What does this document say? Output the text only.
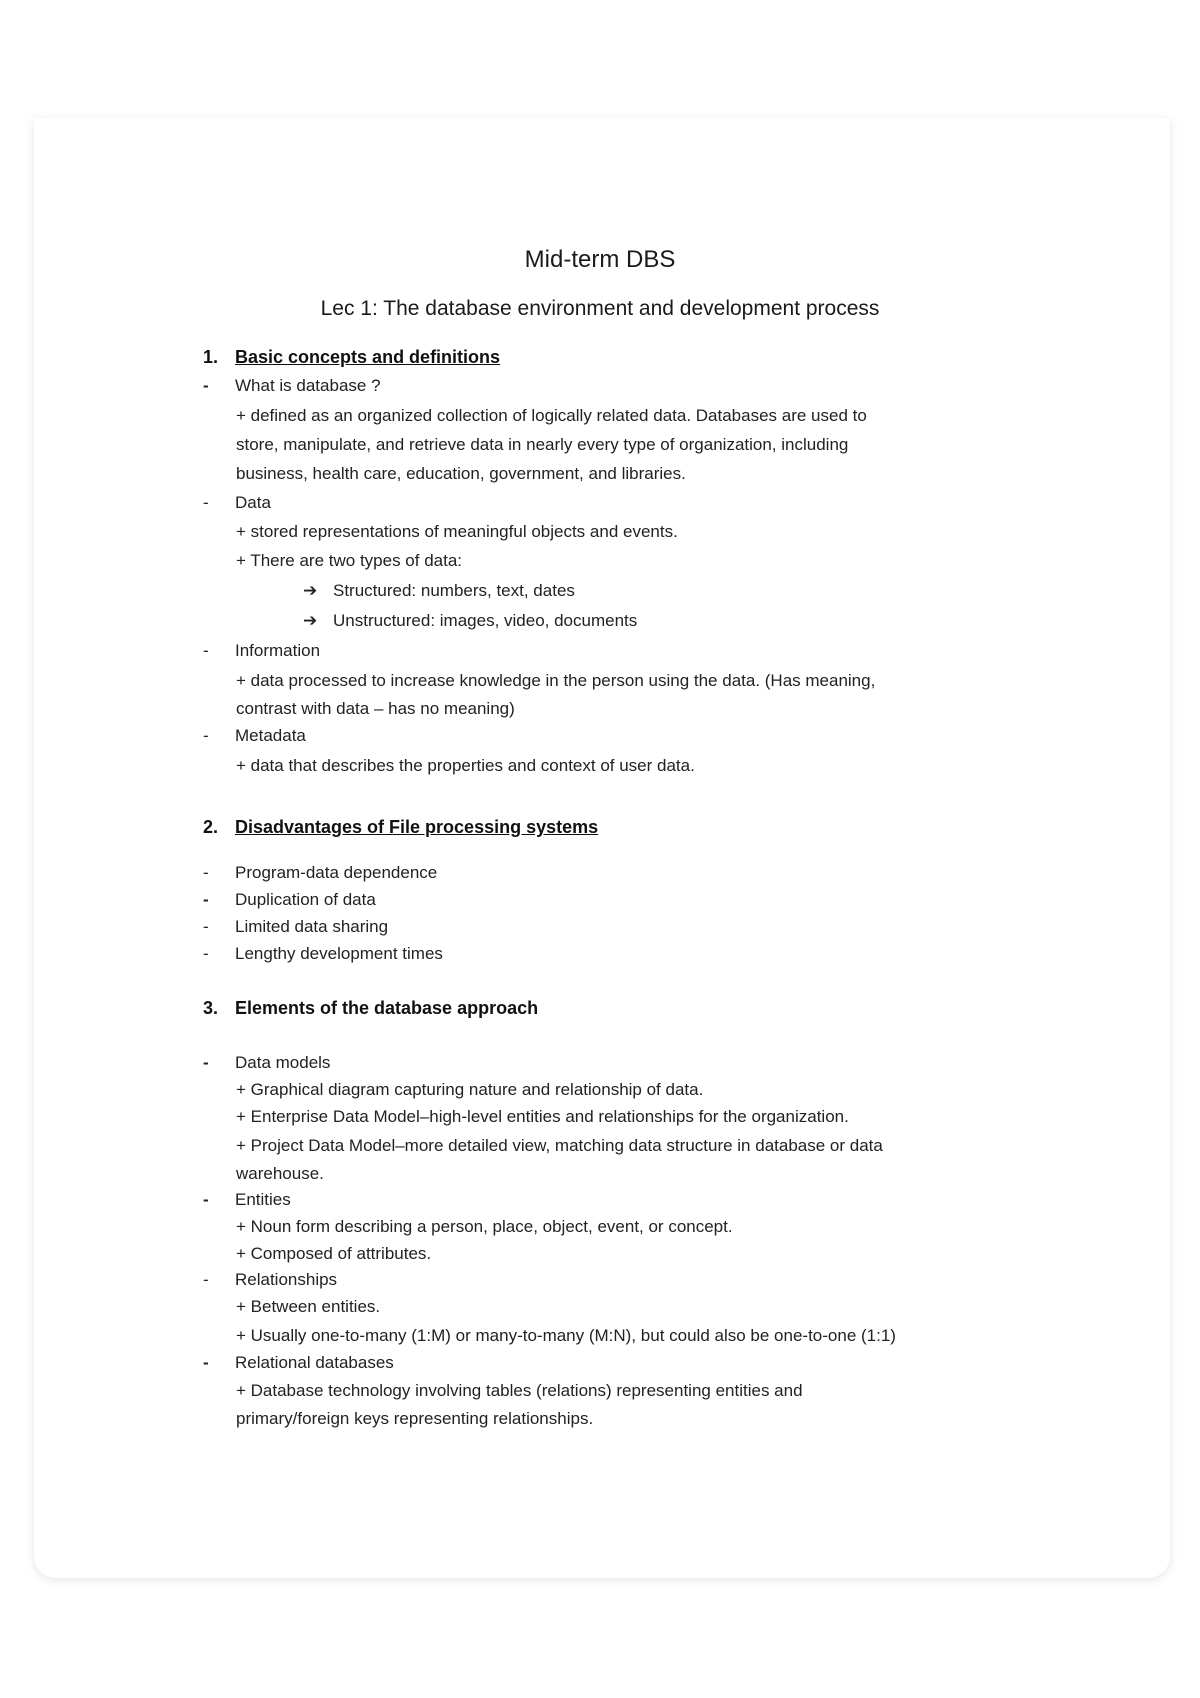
Mid-term DBS
Lec 1: The database environment and development process
1. Basic concepts and definitions
- What is database ?
+ defined as an organized collection of logically related data. Databases are used to
store, manipulate, and retrieve data in nearly every type of organization, including
business, health care, education, government, and libraries.
- Data
+ stored representations of meaningful objects and events.
+ There are two types of data:
➔ Structured: numbers, text, dates
➔ Unstructured: images, video, documents
- Information
+ data processed to increase knowledge in the person using the data. (Has meaning,
contrast with data – has no meaning)
- Metadata
+ data that describes the properties and context of user data.
2. Disadvantages of File processing systems
- Program-data dependence
- Duplication of data
- Limited data sharing
- Lengthy development times
3. Elements of the database approach
- Data models
+ Graphical diagram capturing nature and relationship of data.
+ Enterprise Data Model–high-level entities and relationships for the organization.
+ Project Data Model–more detailed view, matching data structure in database or data
warehouse.
- Entities
+ Noun form describing a person, place, object, event, or concept.
+ Composed of attributes.
- Relationships
+ Between entities.
+ Usually one-to-many (1:M) or many-to-many (M:N), but could also be one-to-one (1:1)
- Relational databases
+ Database technology involving tables (relations) representing entities and
primary/foreign keys representing relationships.
